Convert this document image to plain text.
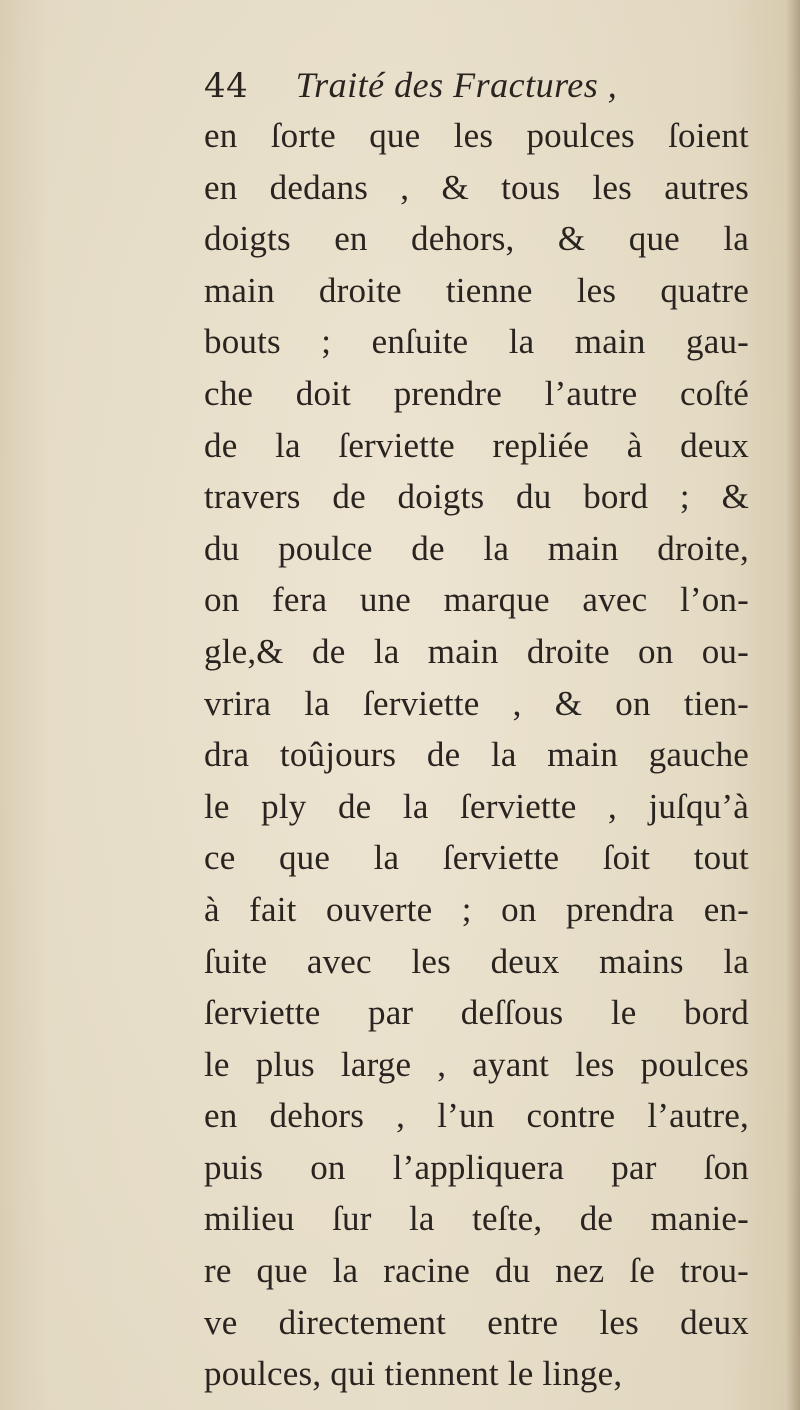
44 Traité des Fractures ,
en ſorte que les poulces ſoient
en dedans , & tous les autres
doigts en dehors, & que la
main droite tienne les quatre
bouts ; enſuite la main gau-
che doit prendre l’autre coſté
de la ſerviette repliée à deux
travers de doigts du bord ; &
du poulce de la main droite,
on fera une marque avec l’on-
gle,& de la main droite on ou-
vrira la ſerviette , & on tien-
dra toûjours de la main gauche
le ply de la ſerviette , juſqu’à
ce que la ſerviette ſoit tout
à fait ouverte ; on prendra en-
ſuite avec les deux mains la
ſerviette par deſſous le bord
le plus large , ayant les poulces
en dehors , l’un contre l’autre,
puis on l’appliquera par ſon
milieu ſur la teſte, de manie-
re que la racine du nez ſe trou-
ve directement entre les deux
poulces, qui tiennent le linge,
